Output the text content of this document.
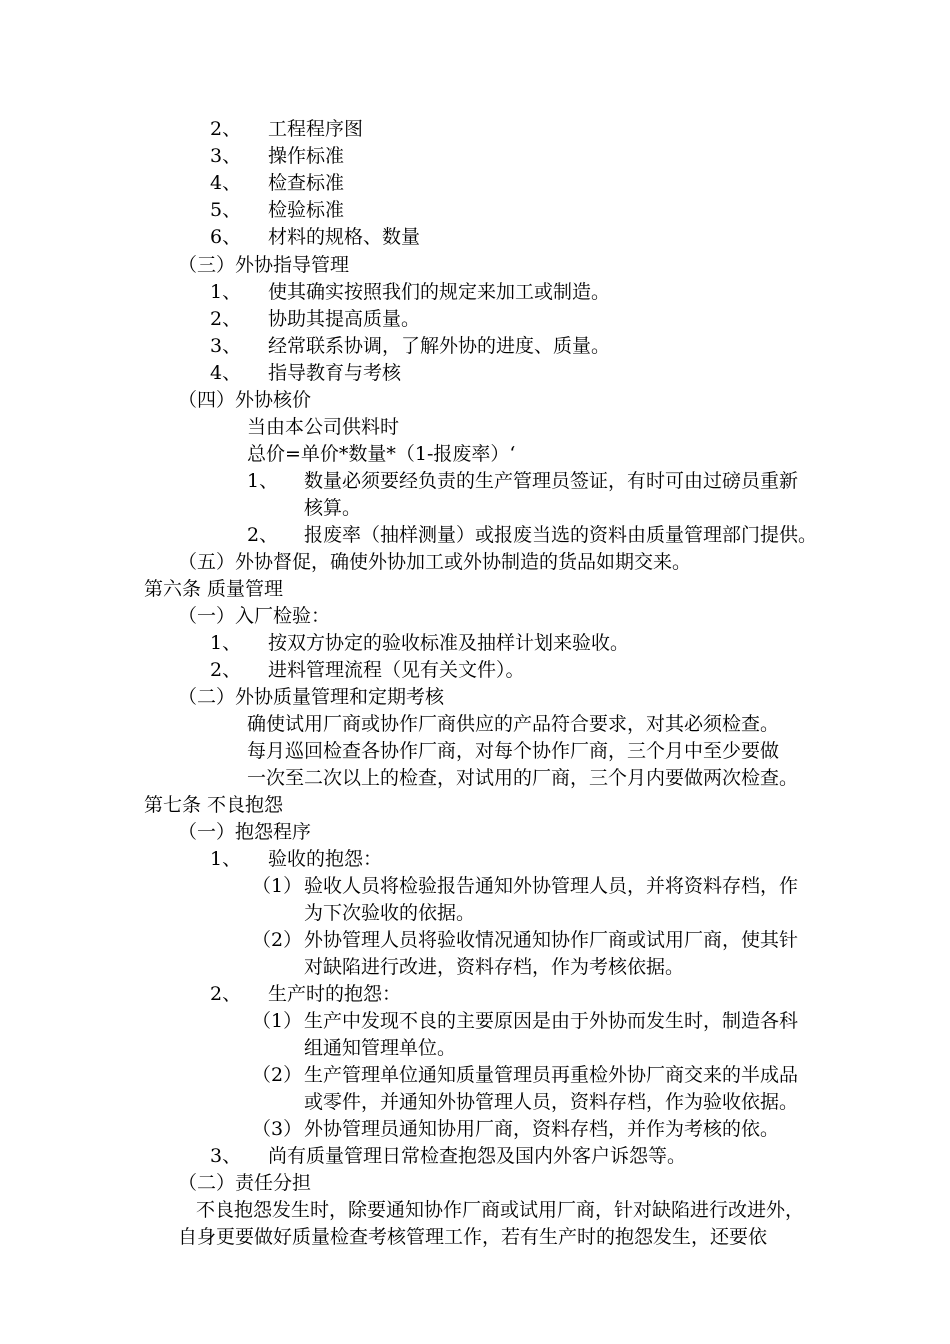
2、 工程程序图
3、 操作标准
4、 检查标准
5、 检验标准
6、 材料的规格、数量
（三）外协指导管理
1、 使其确实按照我们的规定来加工或制造。
2、 协助其提高质量。
3、 经常联系协调，了解外协的进度、质量。
4、 指导教育与考核
（四）外协核价
当由本公司供料时
总价=单价*数量*（1-报废率）‘
1、 数量必须要经负责的生产管理员签证，有时可由过磅员重新
核算。
2、 报废率（抽样测量）或报废当选的资料由质量管理部门提供。
（五）外协督促，确使外协加工或外协制造的货品如期交来。
第六条 质量管理
（一）入厂检验：
1、 按双方协定的验收标准及抽样计划来验收。
2、 进料管理流程（见有关文件）。
（二）外协质量管理和定期考核
确使试用厂商或协作厂商供应的产品符合要求，对其必须检查。
每月巡回检查各协作厂商，对每个协作厂商，三个月中至少要做
一次至二次以上的检查，对试用的厂商，三个月内要做两次检查。
第七条 不良抱怨
（一）抱怨程序
1、 验收的抱怨：
（1） 验收人员将检验报告通知外协管理人员，并将资料存档，作
为下次验收的依据。
（2） 外协管理人员将验收情况通知协作厂商或试用厂商，使其针
对缺陷进行改进，资料存档，作为考核依据。
2、 生产时的抱怨：
（1） 生产中发现不良的主要原因是由于外协而发生时，制造各科
组通知管理单位。
（2） 生产管理单位通知质量管理员再重检外协厂商交来的半成品
或零件，并通知外协管理人员，资料存档，作为验收依据。
（3） 外协管理员通知协用厂商，资料存档，并作为考核的依。
3、 尚有质量管理日常检查抱怨及国内外客户诉怨等。
（二）责任分担
不良抱怨发生时，除要通知协作厂商或试用厂商，针对缺陷进行改进外，
自身更要做好质量检查考核管理工作，若有生产时的抱怨发生，还要依
